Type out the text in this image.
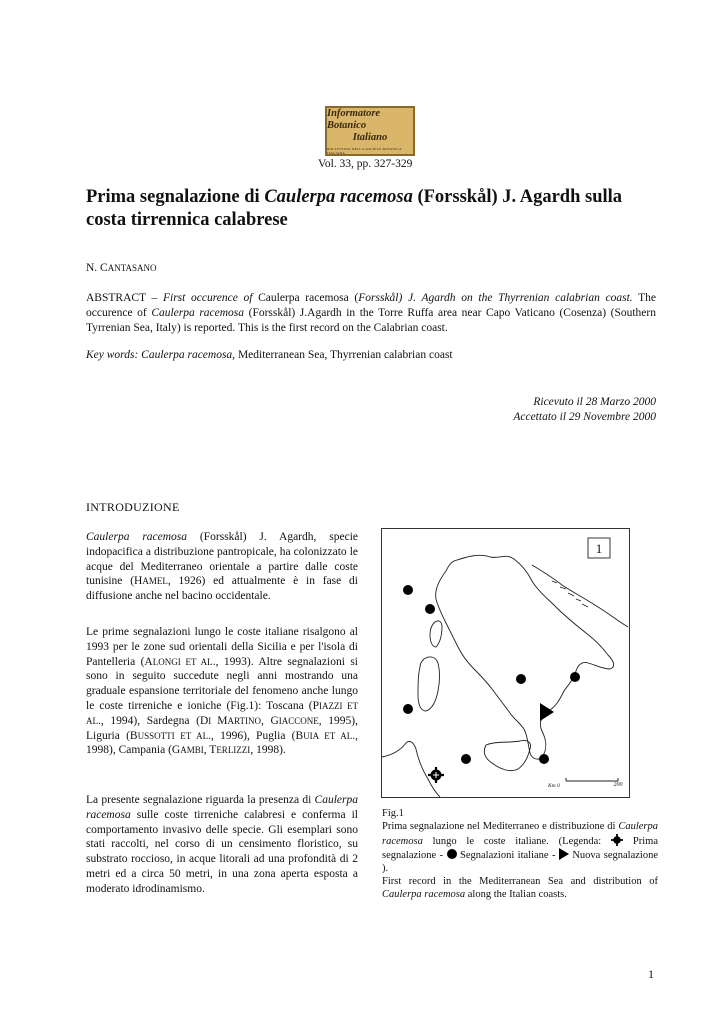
Informatore Botanico
Italiano
BOLLETTINO DELLA SOCIETÀ BOTANICA ITALIANA
Vol. 33, pp. 327-329
Prima segnalazione di Caulerpa racemosa (Forsskål) J. Agardh sulla costa tirrennica calabrese
N. CANTASANO
ABSTRACT – First occurence of Caulerpa racemosa (Forsskål) J. Agardh on the Thyrrenian calabrian coast. The occurence of Caulerpa racemosa (Forsskål) J.Agardh in the Torre Ruffa area near Capo Vaticano (Cosenza) (Southern Tyrrenian Sea, Italy) is reported. This is the first record on the Calabrian coast.
Key words: Caulerpa racemosa, Mediterranean Sea, Thyrrenian calabrian coast
Ricevuto il 28 Marzo 2000
Accettato il 29 Novembre 2000
INTRODUZIONE
Caulerpa racemosa (Forsskål) J. Agardh, specie indopacifica a distribuzione pantropicale, ha colonizzato le acque del Mediterraneo orientale a partire dalle coste tunisine (HAMEL, 1926) ed attualmente è in fase di diffusione anche nel bacino occidentale.
Le prime segnalazioni lungo le coste italiane risalgono al 1993 per le zone sud orientali della Sicilia e per l'isola di Pantelleria (ALONGI ET AL., 1993). Altre segnalazioni si sono in seguito succedute negli anni mostrando una graduale espansione territoriale del fenomeno anche lungo le coste tirreniche e ioniche (Fig.1): Toscana (PIAZZI ET AL., 1994), Sardegna (DI MARTINO, GIACCONE, 1995), Liguria (BUSSOTTI ET AL., 1996), Puglia (BUIA ET AL., 1998), Campania (GAMBI, TERLIZZI, 1998).
La presente segnalazione riguarda la presenza di Caulerpa racemosa sulle coste tirreniche calabresi e conferma il comportamento invasivo delle specie. Gli esemplari sono stati raccolti, nel corso di un censimento floristico, su substrato roccioso, in acque litorali ad una profondità di 2 metri ed a circa 50 metri, in una zona aperta esposta a moderato idrodinamismo.
1
Km 0	200
Fig.1
Prima segnalazione nel Mediterraneo e distribuzione di Caulerpa racemosa lungo le coste italiane. (Legenda:  Prima segnalazione -  Segnalazioni italiane -  Nuova segnalazione ).
First record in the Mediterranean Sea and distribution of Caulerpa racemosa along the Italian coasts.
1
